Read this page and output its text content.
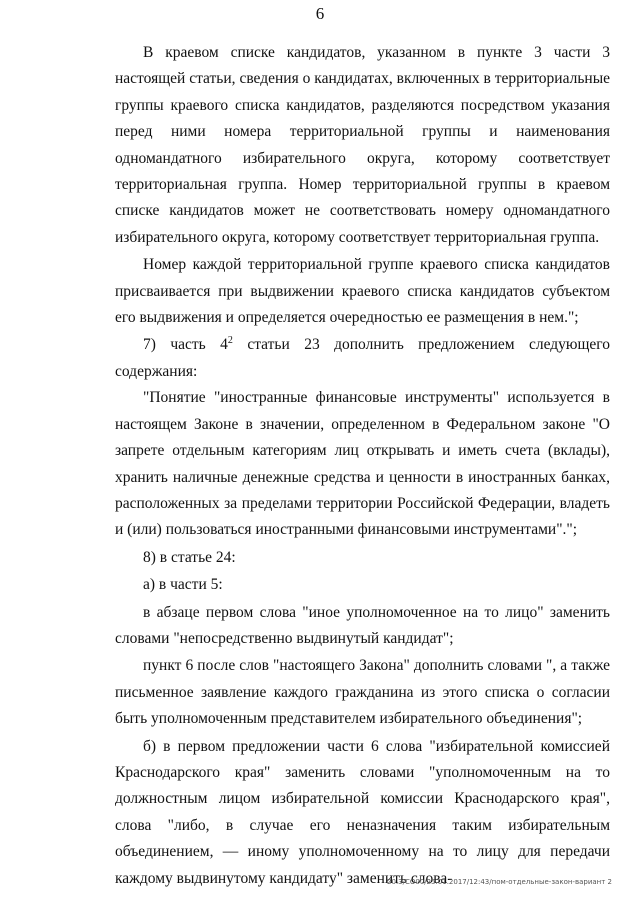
6

В краевом списке кандидатов, указанном в пункте 3 части 3 настоящей статьи, сведения о кандидатах, включенных в территориальные группы краевого списка кандидатов, разделяются посредством указания перед ними номера территориальной группы и наименования одномандатного избирательного округа, которому соответствует территориальная группа. Номер территориальной группы в краевом списке кандидатов может не соответствовать номеру одномандатного избирательного округа, которому соответствует территориальная группа.

Номер каждой территориальной группе краевого списка кандидатов присваивается при выдвижении краевого списка кандидатов субъектом его выдвижения и определяется очередностью ее размещения в нем.";

7) часть $4^2$ статьи 23 дополнить предложением следующего содержания:

"Понятие "иностранные финансовые инструменты" используется в настоящем Законе в значении, определенном в Федеральном законе "О запрете отдельным категориям лиц открывать и иметь счета (вклады), хранить наличные денежные средства и ценности в иностранных банках, расположенных за пределами территории Российской Федерации, владеть и (или) пользоваться иностранными финансовыми инструментами".";

8) в статье 24:

а) в части 5:

в абзаце первом слова "иное уполномоченное на то лицо" заменить словами "непосредственно выдвинутый кандидат";

пункт 6 после слов "настоящего Закона" дополнить словами ", а также письменное заявление каждого гражданина из этого списка о согласии быть уполномоченным представителем избирательного объединения";

б) в первом предложении части 6 слова "избирательной комиссией Краснодарского края" заменить словами "уполномоченным на то должностным лицом избирательной комиссии Краснодарского края", слова "либо, в случае его неназначения таким избирательным объединением, — иному уполномоченному на то лицу для передачи каждому выдвинутому кандидату" заменить слова-

20.3/СО00/25.01.2017/12:43/пом-отдельные-закон-вариант 2
